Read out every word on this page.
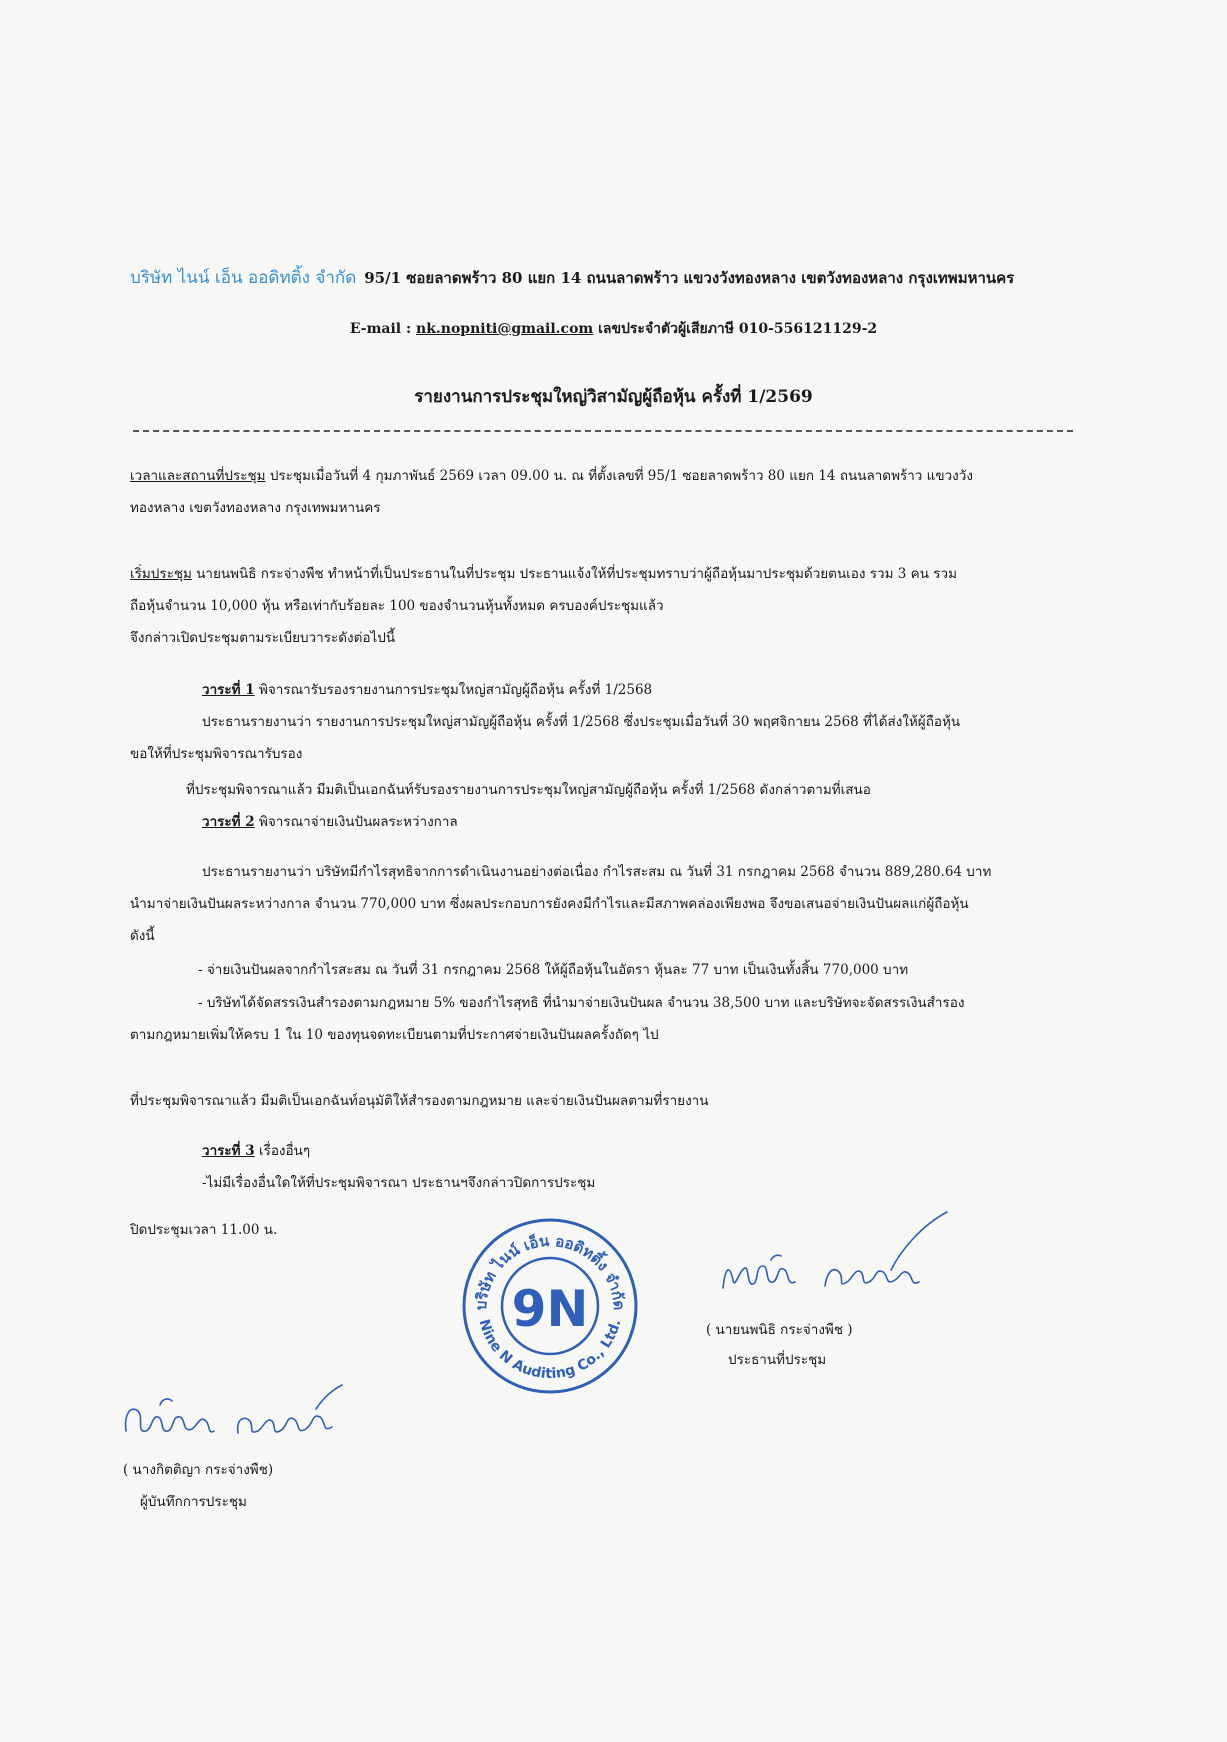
บริษัท ไนน์ เอ็น ออดิทติ้ง จำกัด 95/1 ซอยลาดพร้าว 80 แยก 14 ถนนลาดพร้าว แขวงวังทองหลาง เขตวังทองหลาง กรุงเทพมหานคร
E-mail : nk.nopniti@gmail.com เลขประจำตัวผู้เสียภาษี 010-556121129-2
รายงานการประชุมใหญ่วิสามัญผู้ถือหุ้น ครั้งที่ 1/2569
เวลาและสถานที่ประชุม ประชุมเมื่อวันที่ 4 กุมภาพันธ์ 2569 เวลา 09.00 น. ณ ที่ตั้งเลขที่ 95/1 ซอยลาดพร้าว 80 แยก 14 ถนนลาดพร้าว แขวงวัง
ทองหลาง เขตวังทองหลาง กรุงเทพมหานคร
เริ่มประชุม นายนพนิธิ กระจ่างพืช ทำหน้าที่เป็นประธานในที่ประชุม ประธานแจ้งให้ที่ประชุมทราบว่าผู้ถือหุ้นมาประชุมด้วยตนเอง รวม 3 คน รวม
ถือหุ้นจำนวน 10,000 หุ้น หรือเท่ากับร้อยละ 100 ของจำนวนหุ้นทั้งหมด ครบองค์ประชุมแล้ว
จึงกล่าวเปิดประชุมตามระเบียบวาระดังต่อไปนี้
วาระที่ 1 พิจารณารับรองรายงานการประชุมใหญ่สามัญผู้ถือหุ้น ครั้งที่ 1/2568
ประธานรายงานว่า รายงานการประชุมใหญ่สามัญผู้ถือหุ้น ครั้งที่ 1/2568 ซึ่งประชุมเมื่อวันที่ 30 พฤศจิกายน 2568 ที่ได้ส่งให้ผู้ถือหุ้น
ขอให้ที่ประชุมพิจารณารับรอง
ที่ประชุมพิจารณาแล้ว มีมติเป็นเอกฉันท์รับรองรายงานการประชุมใหญ่สามัญผู้ถือหุ้น ครั้งที่ 1/2568 ดังกล่าวตามที่เสนอ
วาระที่ 2 พิจารณาจ่ายเงินปันผลระหว่างกาล
ประธานรายงานว่า บริษัทมีกำไรสุทธิจากการดำเนินงานอย่างต่อเนื่อง กำไรสะสม ณ วันที่ 31 กรกฎาคม 2568 จำนวน 889,280.64 บาท
นำมาจ่ายเงินปันผลระหว่างกาล จำนวน 770,000 บาท ซึ่งผลประกอบการยังคงมีกำไรและมีสภาพคล่องเพียงพอ จึงขอเสนอจ่ายเงินปันผลแก่ผู้ถือหุ้น
ดังนี้
- จ่ายเงินปันผลจากกำไรสะสม ณ วันที่ 31 กรกฎาคม 2568 ให้ผู้ถือหุ้นในอัตรา หุ้นละ 77 บาท เป็นเงินทั้งสิ้น 770,000 บาท
- บริษัทได้จัดสรรเงินสำรองตามกฎหมาย 5% ของกำไรสุทธิ ที่นำมาจ่ายเงินปันผล จำนวน 38,500 บาท และบริษัทจะจัดสรรเงินสำรอง
ตามกฎหมายเพิ่มให้ครบ 1 ใน 10 ของทุนจดทะเบียนตามที่ประกาศจ่ายเงินปันผลครั้งถัดๆ ไป
ที่ประชุมพิจารณาแล้ว มีมติเป็นเอกฉันท์อนุมัติให้สำรองตามกฎหมาย และจ่ายเงินปันผลตามที่รายงาน
วาระที่ 3 เรื่องอื่นๆ
-ไม่มีเรื่องอื่นใดให้ที่ประชุมพิจารณา ประธานฯจึงกล่าวปิดการประชุม
ปิดประชุมเวลา 11.00 น.
( นายนพนิธิ กระจ่างพืช )
ประธานที่ประชุม
บริษัท ไนน์ เอ็น ออดิทติ้ง จำกัด
Nine N Auditing Co., Ltd.
9N
( นางกิตติญา กระจ่างพืช)
ผู้บันทึกการประชุม
